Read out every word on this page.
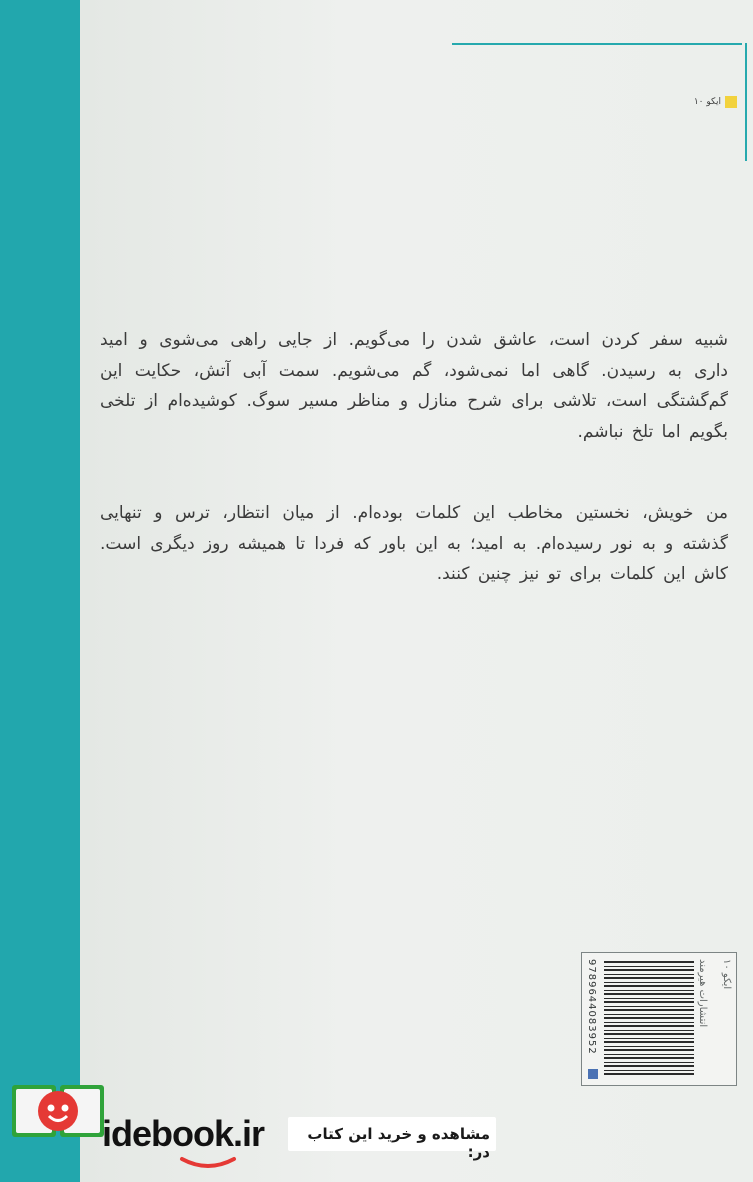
ایکو ۱۰
شبیه سفر کردن است، عاشق شدن را می‌گویم. از جایی راهی می‌شوی و امید داری به رسیدن. گاهی اما نمی‌شود، گم می‌شویم. سمت آبی آتش، حکایت این گم‌گشتگی است، تلاشی برای شرح منازل و مناظر مسیر سوگ. کوشیده‌ام از تلخی بگویم اما تلخ نباشم.
من خویش، نخستین مخاطب این کلمات بوده‌ام. از میان انتظار، ترس و تنهایی گذشته و به نور رسیده‌ام. به امید؛ به این باور که فردا تا همیشه روز دیگری است. کاش این کلمات برای تو نیز چنین کنند.
ایکو ۱۰
انتشارات هیرمند
9789644083952
idebook.ir	مشاهده و خرید این کتاب در:
